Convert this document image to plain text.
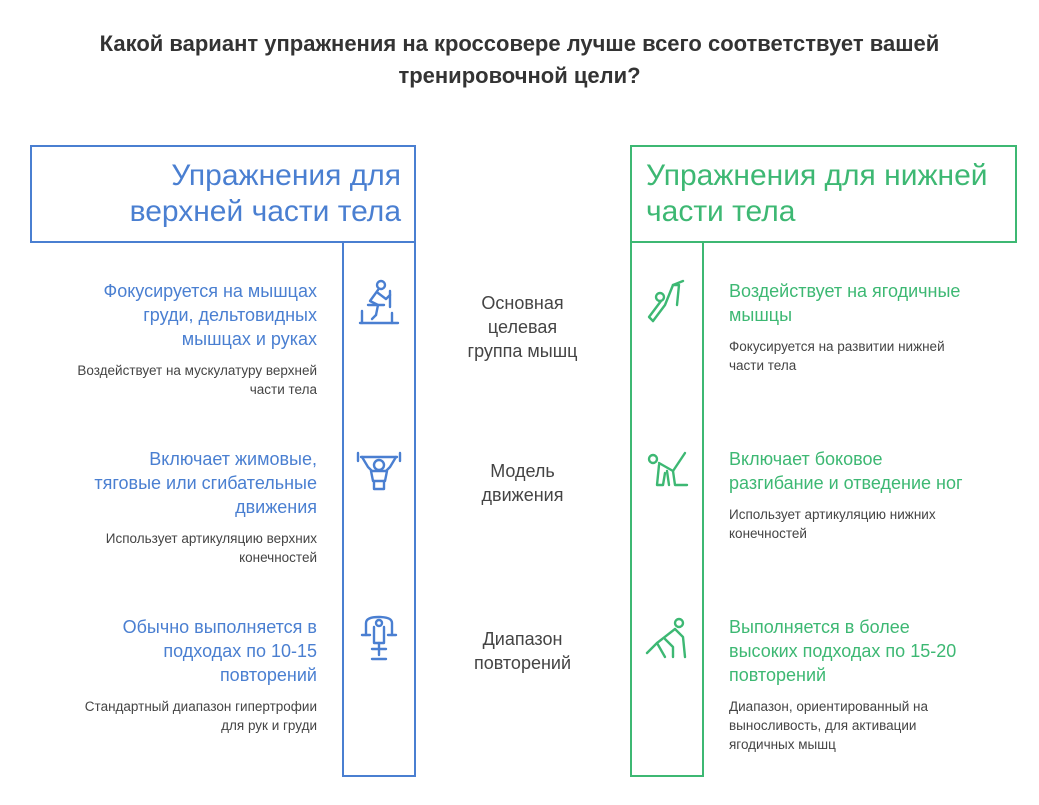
Какой вариант упражнения на кроссовере лучше всего соответствует вашей
тренировочной цели?
Упражнения для
верхней части тела
Упражнения для нижней
части тела
Фокусируется на мышцах
груди, дельтовидных
мышцах и руках
Воздействует на мускулатуру верхней
части тела
Включает жимовые,
тяговые или сгибательные
движения
Использует артикуляцию верхних
конечностей
Обычно выполняется в
подходах по 10-15
повторений
Стандартный диапазон гипертрофии
для рук и груди
Основная
целевая
группа мышц
Модель
движения
Диапазон
повторений
Воздействует на ягодичные
мышцы
Фокусируется на развитии нижней
части тела
Включает боковое
разгибание и отведение ног
Использует артикуляцию нижних
конечностей
Выполняется в более
высоких подходах по 15-20
повторений
Диапазон, ориентированный на
выносливость, для активации
ягодичных мышц
